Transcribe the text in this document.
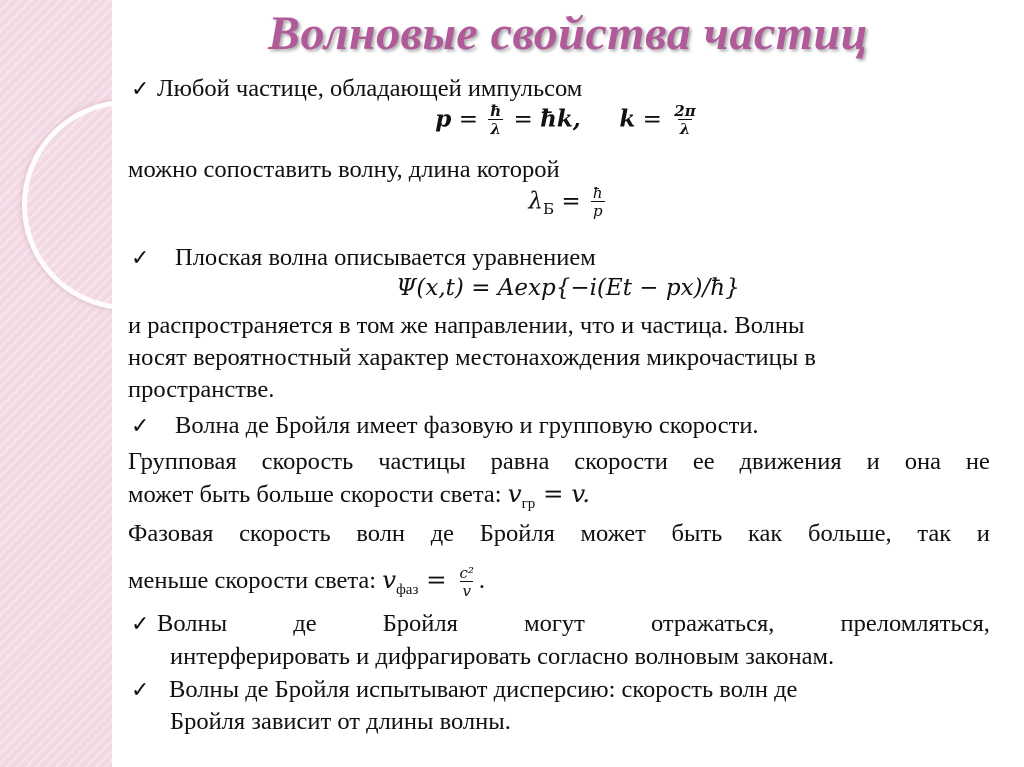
Волновые свойства частиц
✓ Любой частице, обладающей импульсом
$p = \frac{ħ}{\lambda}$ = ħk, $k = \frac{2\pi}{\lambda}$
можно сопоставить волну, длина которой
$\lambda_Б = \frac{ħ}{p}$
✓ Плоская волна описывается уравнением
Ψ(x,t) = Aexp{−i(Et − px)/ħ}
и распространяется в том же направлении, что и частица. Волны
носят вероятностный характер местонахождения микрочастицы в
пространстве.
✓ Волна де Бройля имеет фазовую и групповую скорости.
Групповая скорость частицы равна скорости ее движения и она не
может быть больше скорости света: $v_{гр} = v$.
Фазовая скорость волн де Бройля может быть как больше, так и
меньше скорости света: $v_{фаз} = \frac{\text{c²}}{v}$ .
✓ Волны	де	Бройля	могут	отражаться,	преломляться,
интерферировать и дифрагировать согласно волновым законам.
✓ Волны де Бройля испытывают дисперсию: скорость волн де
Бройля зависит от длины волны.
